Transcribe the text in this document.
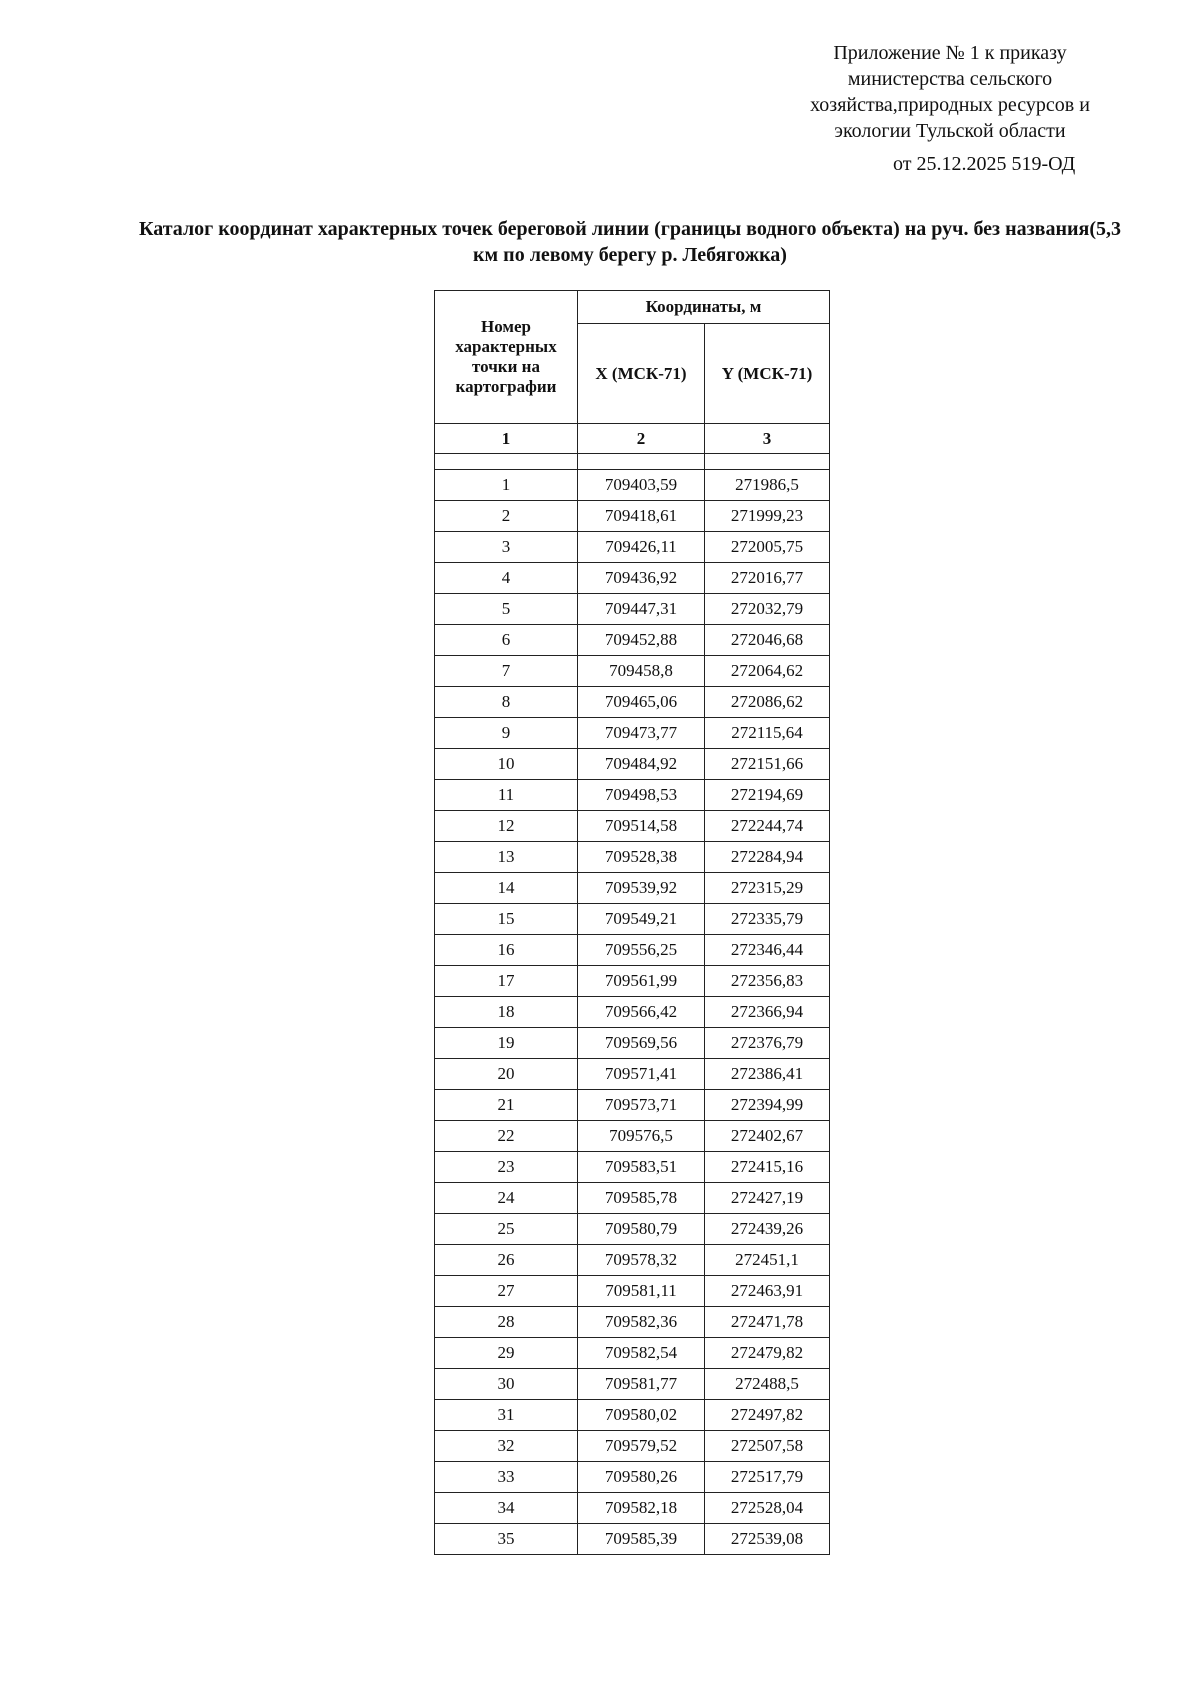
Приложение № 1 к приказу
министерства сельского
хозяйства,природных ресурсов и
экологии Тульской области
от 25.12.2025 519-ОД
Каталог координат характерных точек береговой линии (границы водного объекта) на руч. без названия(5,3 км по левому берегу р. Лебягожка)
Номер характерных точки на картографии	Координаты, м	
	X (МСК-71)	Y (МСК-71)
1	2	3

1	709403,59	271986,5
2	709418,61	271999,23
3	709426,11	272005,75
4	709436,92	272016,77
5	709447,31	272032,79
6	709452,88	272046,68
7	709458,8	272064,62
8	709465,06	272086,62
9	709473,77	272115,64
10	709484,92	272151,66
11	709498,53	272194,69
12	709514,58	272244,74
13	709528,38	272284,94
14	709539,92	272315,29
15	709549,21	272335,79
16	709556,25	272346,44
17	709561,99	272356,83
18	709566,42	272366,94
19	709569,56	272376,79
20	709571,41	272386,41
21	709573,71	272394,99
22	709576,5	272402,67
23	709583,51	272415,16
24	709585,78	272427,19
25	709580,79	272439,26
26	709578,32	272451,1
27	709581,11	272463,91
28	709582,36	272471,78
29	709582,54	272479,82
30	709581,77	272488,5
31	709580,02	272497,82
32	709579,52	272507,58
33	709580,26	272517,79
34	709582,18	272528,04
35	709585,39	272539,08
